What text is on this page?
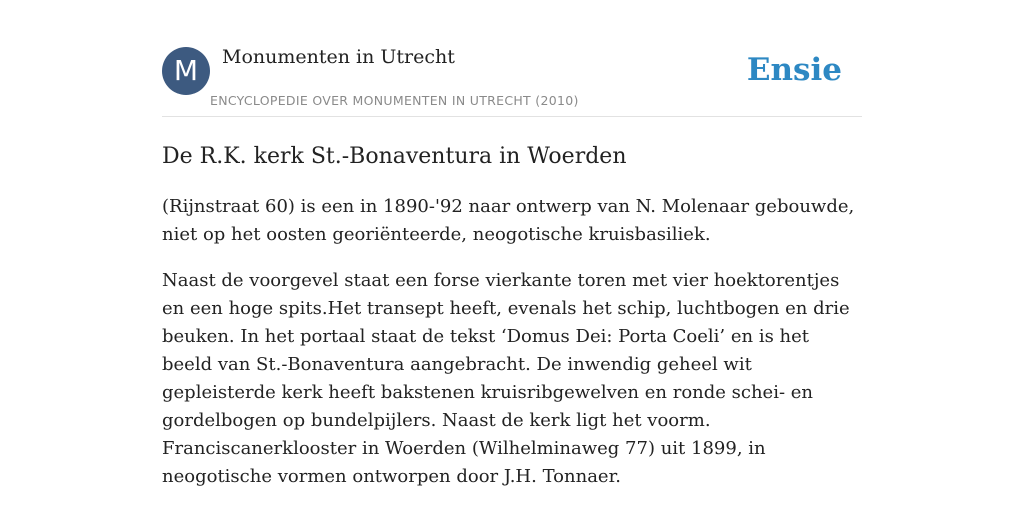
M	Monumenten in Utrecht
ENCYCLOPEDIE OVER MONUMENTEN IN UTRECHT (2010)
Ensie
De R.K. kerk St.-Bonaventura in Woerden

(Rijnstraat 60) is een in 1890-'92 naar ontwerp van N. Molenaar gebouwde, niet op het oosten georiënteerde, neogotische kruisbasiliek.

Naast de voorgevel staat een forse vierkante toren met vier hoektorentjes en een hoge spits.Het transept heeft, evenals het schip, luchtbogen en drie beuken. In het portaal staat de tekst ‘Domus Dei: Porta Coeli’ en is het beeld van St.-Bonaventura aangebracht. De inwendig geheel wit gepleisterde kerk heeft bakstenen kruisribgewelven en ronde schei- en gordelbogen op bundelpijlers. Naast de kerk ligt het voorm. Franciscanerklooster in Woerden (Wilhelminaweg 77) uit 1899, in neogotische vormen ontworpen door J.H. Tonnaer.
